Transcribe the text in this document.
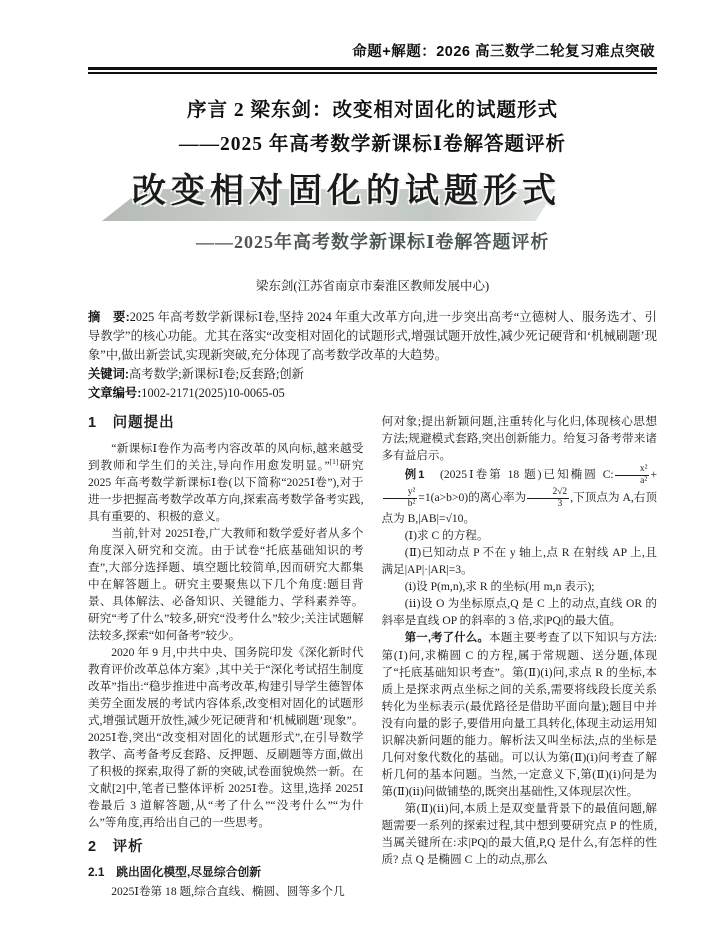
命题+解题：2026 高三数学二轮复习难点突破
序言 2 梁东剑：改变相对固化的试题形式
——2025 年高考数学新课标Ⅰ卷解答题评析
改变相对固化的试题形式
——2025年高考数学新课标Ⅰ卷解答题评析
梁东剑(江苏省南京市秦淮区教师发展中心)

摘　要:2025 年高考数学新课标Ⅰ卷,坚持 2024 年重大改革方向,进一步突出高考“立德树人、服务选才、引导教学”的核心功能。尤其在落实“改变相对固化的试题形式,增强试题开放性,减少死记硬背和‘机械刷题’现象”中,做出新尝试,实现新突破,充分体现了高考数学改革的大趋势。

关键词:高考数学;新课标Ⅰ卷;反套路;创新

文章编号:1002-2171(2025)10-0065-05

1　问题提出
“新课标Ⅰ卷作为高考内容改革的风向标,越来越受到教师和学生们的关注,导向作用愈发明显。”[1]研究 2025 年高考数学新课标Ⅰ卷(以下简称“2025Ⅰ卷”),对于进一步把握高考数学改革方向,探索高考数学备考实践,具有重要的、积极的意义。
当前,针对 2025Ⅰ卷,广大教师和数学爱好者从多个角度深入研究和交流。由于试卷“托底基础知识的考查”,大部分选择题、填空题比较简单,因而研究大都集中在解答题上。研究主要聚焦以下几个角度:题目背景、具体解法、必备知识、关键能力、学科素养等。研究“考了什么”较多,研究“没考什么”较少;关注试题解法较多,探索“如何备考”较少。
2020 年 9 月,中共中央、国务院印发《深化新时代教育评价改革总体方案》,其中关于“深化考试招生制度改革”指出:“稳步推进中高考改革,构建引导学生德智体美劳全面发展的考试内容体系,改变相对固化的试题形式,增强试题开放性,减少死记硬背和‘机械刷题’现象”。2025Ⅰ卷,突出“改变相对固化的试题形式”,在引导数学教学、高考备考反套路、反押题、反刷题等方面,做出了积极的探索,取得了新的突破,试卷面貌焕然一新。在文献[2]中,笔者已整体评析 2025Ⅰ卷。这里,选择 2025Ⅰ卷最后 3 道解答题,从“考了什么”“没考什么”“为什么”等角度,再给出自己的一些思考。
2　评析
2.1　跳出固化模型,尽显综合创新
2025Ⅰ卷第 18 题,综合直线、椭圆、圆等多个几
何对象;提出新颖问题,注重转化与化归,体现核心思想方法;规避模式套路,突出创新能力。给复习备考带来诸多有益启示。
例1　(2025Ⅰ卷第 18 题)已知椭圆 C: $\frac{\text{x²}}{\text{a²}}$ +
$\frac{\text{y²}}{\text{b²}} =1(a>b>0)$的离心率为 $\frac{2√2}{3}$ ,下顶点为 A,右顶点为 B,|AB|=√10。
(Ⅰ)求 C 的方程。
(Ⅱ)已知动点 P 不在 y 轴上,点 R 在射线 AP 上,且满足|AP|·|AR|=3。
(ⅰ)设 P(m,n),求 R 的坐标(用 m,n 表示);
(ⅱ)设 O 为坐标原点,Q 是 C 上的动点,直线 OR 的斜率是直线 OP 的斜率的 3 倍,求|PQ|的最大值。
第一,考了什么。本题主要考查了以下知识与方法:第(Ⅰ)问,求椭圆 C 的方程,属于常规题、送分题,体现了“托底基础知识考查”。第(Ⅱ)(ⅰ)问,求点 R 的坐标,本质上是探求两点坐标之间的关系,需要将线段长度关系转化为坐标表示(最优路径是借助平面向量);题目中并没有向量的影子,要借用向量工具转化,体现主动运用知识解决新问题的能力。解析法又叫坐标法,点的坐标是几何对象代数化的基础。可以认为第(Ⅱ)(ⅰ)问考查了解析几何的基本问题。当然,一定意义下,第(Ⅱ)(ⅰ)问是为第(Ⅱ)(ⅱ)问做铺垫的,既突出基础性,又体现层次性。
第(Ⅱ)(ⅱ)问,本质上是双变量背景下的最值问题,解题需要一系列的探索过程,其中想到要研究点 P 的性质,当属关键所在:求|PQ|的最大值,P,Q 是什么,有怎样的性质? 点 Q 是椭圆 C 上的动点,那么
